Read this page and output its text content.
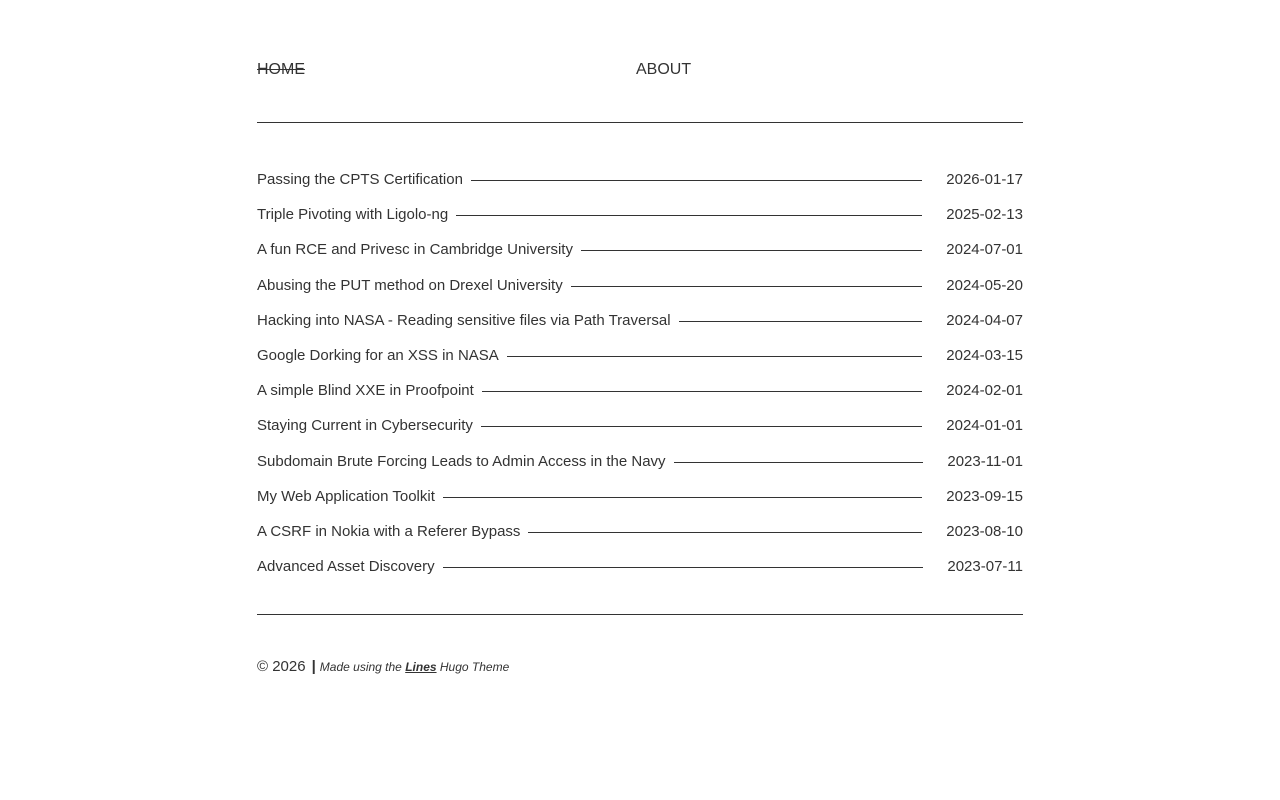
HOME	ABOUT
Passing the CPTS Certification	2026-01-17
Triple Pivoting with Ligolo-ng	2025-02-13
A fun RCE and Privesc in Cambridge University	2024-07-01
Abusing the PUT method on Drexel University	2024-05-20
Hacking into NASA - Reading sensitive files via Path Traversal	2024-04-07
Google Dorking for an XSS in NASA	2024-03-15
A simple Blind XXE in Proofpoint	2024-02-01
Staying Current in Cybersecurity	2024-01-01
Subdomain Brute Forcing Leads to Admin Access in the Navy	2023-11-01
My Web Application Toolkit	2023-09-15
A CSRF in Nokia with a Referer Bypass	2023-08-10
Advanced Asset Discovery	2023-07-11
© 2026 | Made using the Lines Hugo Theme
